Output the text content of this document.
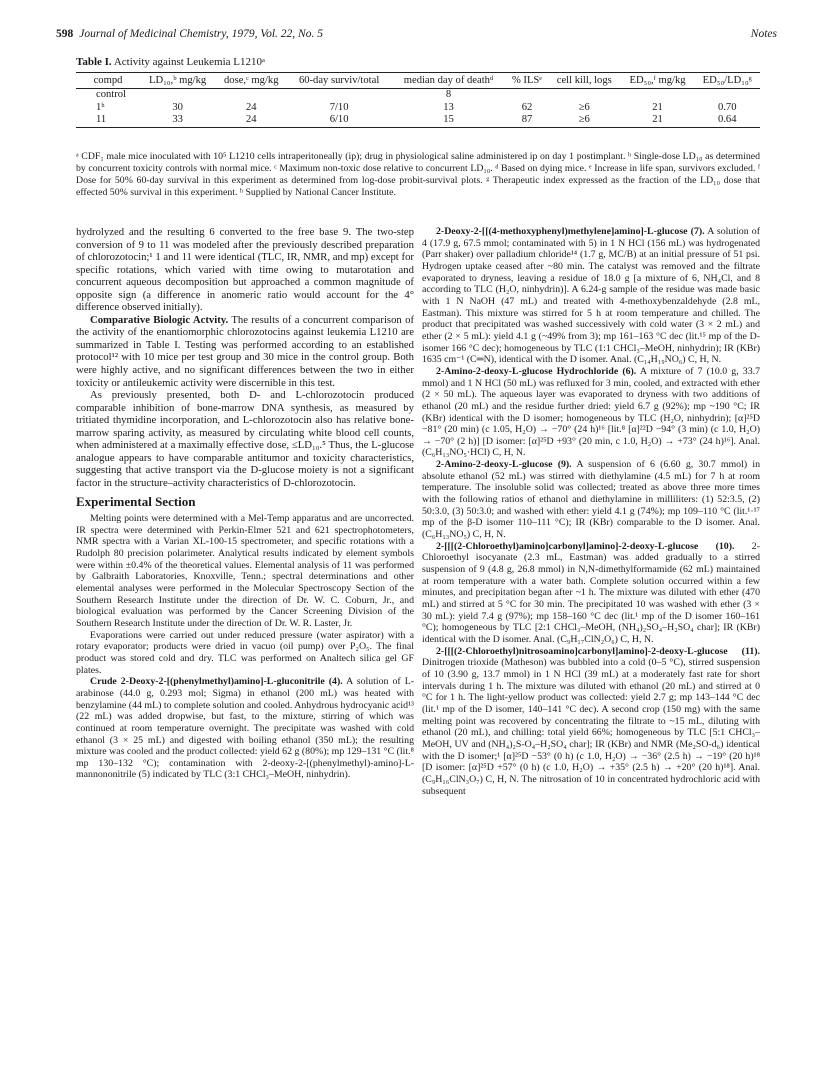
598 Journal of Medicinal Chemistry, 1979, Vol. 22, No. 5	Notes
Table I. Activity against Leukemia L1210ᵃ
compd	LD₁₀,ᵇ mg/kg	dose,ᶜ mg/kg	60-day surviv/total	median day of deathᵈ	% ILSᵉ	cell kill, logs	ED₅₀,ᶠ mg/kg	ED₅₀/LD₁₀ᵍ
control				8				
1ʰ	30	24	7/10	13	62	≥6	21	0.70
11	33	24	6/10	15	87	≥6	21	0.64
ᵃ CDF₁ male mice inoculated with 10⁵ L1210 cells intraperitoneally (ip); drug in physiological saline administered ip on day 1 postimplant. ᵇ Single-dose LD₁₀ as determined by concurrent toxicity controls with normal mice. ᶜ Maximum non-toxic dose relative to concurrent LD₁₀. ᵈ Based on dying mice. ᵉ Increase in life span, survivors excluded. ᶠ Dose for 50% 60-day survival in this experiment as determined from log-dose probit-survival plots. ᵍ Therapeutic index expressed as the fraction of the LD₁₀ dose that effected 50% survival in this experiment. ʰ Supplied by National Cancer Institute.

hydrolyzed and the resulting 6 converted to the free base 9. The two-step conversion of 9 to 11 was modeled after the previously described preparation of chlorozotocin;¹ 1 and 11 were identical (TLC, IR, NMR, and mp) except for specific rotations, which varied with time owing to mutarotation and concurrent aqueous decomposition but approached a common magnitude of opposite sign (a difference in anomeric ratio would account for the 4° difference observed initially).

Comparative Biologic Actvity. The results of a concurrent comparison of the activity of the enantiomorphic chlorozotocins against leukemia L1210 are summarized in Table I. Testing was performed according to an established protocol¹² with 10 mice per test group and 30 mice in the control group. Both were highly active, and no significant differences between the two in either toxicity or antileukemic activity were discernible in this test.

As previously presented, both D- and L-chlorozotocin produced comparable inhibition of bone-marrow DNA synthesis, as measured by tritiated thymidine incorporation, and L-chlorozotocin also has relative bone-marrow sparing activity, as measured by circulating white blood cell counts, when administered at a maximally effective dose, ≤LD₁₀.⁵ Thus, the L-glucose analogue appears to have comparable antitumor and toxicity characteristics, suggesting that active transport via the D-glucose moiety is not a significant factor in the structure–activity characteristics of D-chlorozotocin.

Experimental Section

Melting points were determined with a Mel-Temp apparatus and are uncorrected. IR spectra were determined with Perkin-Elmer 521 and 621 spectrophotometers, NMR spectra with a Varian XL-100-15 spectrometer, and specific rotations with a Rudolph 80 precision polarimeter. Analytical results indicated by element symbols were within ±0.4% of the theoretical values. Elemental analysis of 11 was performed by Galbraith Laboratories, Knoxville, Tenn.; spectral determinations and other elemental analyses were performed in the Molecular Spectroscopy Section of the Southern Research Institute under the direction of Dr. W. C. Coburn, Jr., and biological evaluation was performed by the Cancer Screening Division of the Southern Research Institute under the direction of Dr. W. R. Laster, Jr.

Evaporations were carried out under reduced pressure (water aspirator) with a rotary evaporator; products were dried in vacuo (oil pump) over P₂O₅. The final product was stored cold and dry. TLC was performed on Analtech silica gel GF plates.

Crude 2-Deoxy-2-[(phenylmethyl)amino]-L-gluconitrile (4). A solution of L-arabinose (44.0 g, 0.293 mol; Sigma) in ethanol (200 mL) was heated with benzylamine (44 mL) to complete solution and cooled. Anhydrous hydrocyanic acid¹³ (22 mL) was added dropwise, but fast, to the mixture, stirring of which was continued at room temperature overnight. The precipitate was washed with cold ethanol (3 × 25 mL) and digested with boiling ethanol (350 mL); the resulting mixture was cooled and the product collected: yield 62 g (80%); mp 129–131 °C (lit.⁸ mp 130–132 °C); contamination with 2-deoxy-2-[(phenylmethyl)-amino]-L-mannononitrile (5) indicated by TLC (3:1 CHCl₃–MeOH, ninhydrin).

2-Deoxy-2-[[(4-methoxyphenyl)methylene]amino]-L-glucose (7). A solution of 4 (17.9 g, 67.5 mmol; contaminated with 5) in 1 N HCl (156 mL) was hydrogenated (Parr shaker) over palladium chloride¹⁴ (1.7 g, MC/B) at an initial pressure of 51 psi. Hydrogen uptake ceased after ~80 min. The catalyst was removed and the filtrate evaporated to dryness, leaving a residue of 18.0 g [a mixture of 6, NH₄Cl, and 8 according to TLC (H₂O, ninhydrin)]. A 6.24-g sample of the residue was made basic with 1 N NaOH (47 mL) and treated with 4-methoxybenzaldehyde (2.8 mL, Eastman). This mixture was stirred for 5 h at room temperature and chilled. The product that precipitated was washed successively with cold water (3 × 2 mL) and ether (2 × 5 mL): yield 4.1 g (~49% from 3); mp 161–163 °C dec (lit.¹⁵ mp of the D-isomer 166 °C dec); homogeneous by TLC (1:1 CHCl₃–MeOH, ninhydrin); IR (KBr) 1635 cm⁻¹ (C═N), identical with the D isomer. Anal. (C₁₄H₁₉NO₆) C, H, N.

2-Amino-2-deoxy-L-glucose Hydrochloride (6). A mixture of 7 (10.0 g, 33.7 mmol) and 1 N HCl (50 mL) was refluxed for 3 min, cooled, and extracted with ether (2 × 50 mL). The aqueous layer was evaporated to dryness with two additions of ethanol (20 mL) and the residue further dried: yield 6.7 g (92%); mp ~190 °C; IR (KBr) identical with the D isomer; homogeneous by TLC (H₂O, ninhydrin); [α]²⁵D −81° (20 min) (c 1.05, H₂O) → −70° (24 h)¹⁶ [lit.⁸ [α]²²D −94° (3 min) (c 1.0, H₂O) → −70° (2 h)] [D isomer: [α]²⁵D +93° (20 min, c 1.0, H₂O) → +73° (24 h)¹⁶]. Anal. (C₆H₁₃NO₅·HCl) C, H, N.

2-Amino-2-deoxy-L-glucose (9). A suspension of 6 (6.60 g, 30.7 mmol) in absolute ethanol (52 mL) was stirred with diethylamine (4.5 mL) for 7 h at room temperature. The insoluble solid was collected; treated as above three more times with the following ratios of ethanol and diethylamine in milliliters: (1) 52:3.5, (2) 50:3.0, (3) 50:3.0; and washed with ether: yield 4.1 g (74%); mp 109–110 °C (lit.¹·¹⁷ mp of the β-D isomer 110–111 °C); IR (KBr) comparable to the D isomer. Anal. (C₆H₁₃NO₅) C, H, N.

2-[[[(2-Chloroethyl)amino]carbonyl]amino]-2-deoxy-L-glucose (10). 2-Chloroethyl isocyanate (2.3 mL, Eastman) was added gradually to a stirred suspension of 9 (4.8 g, 26.8 mmol) in N,N-dimethylformamide (62 mL) maintained at room temperature with a water bath. Complete solution occurred within a few minutes, and precipitation began after ~1 h. The mixture was diluted with ether (470 mL) and stirred at 5 °C for 30 min. The precipitated 10 was washed with ether (3 × 30 mL): yield 7.4 g (97%); mp 158–160 °C dec (lit.¹ mp of the D isomer 160–161 °C); homogeneous by TLC [2:1 CHCl₃–MeOH, (NH₄)₂SO₄–H₂SO₄ char]; IR (KBr) identical with the D isomer. Anal. (C₉H₁₇ClN₂O₆) C, H, N.

2-[[[(2-Chloroethyl)nitrosoamino]carbonyl]amino]-2-deoxy-L-glucose (11). Dinitrogen trioxide (Matheson) was bubbled into a cold (0–5 °C), stirred suspension of 10 (3.90 g, 13.7 mmol) in 1 N HCl (39 mL) at a moderately fast rate for short intervals during 1 h. The mixture was diluted with ethanol (20 mL) and stirred at 0 °C for 1 h. The light-yellow product was collected: yield 2.7 g; mp 143–144 °C dec (lit.¹ mp of the D isomer, 140–141 °C dec). A second crop (150 mg) with the same melting point was recovered by concentrating the filtrate to ~15 mL, diluting with ethanol (20 mL), and chilling: total yield 66%; homogeneous by TLC [5:1 CHCl₃–MeOH, UV and (NH₄)₂S-O₄–H₂SO₄ char]; IR (KBr) and NMR (Me₂SO-d₆) identical with the D isomer;¹ [α]²⁵D −53° (0 h) (c 1.0, H₂O) → −36° (2.5 h) → −19° (20 h)¹⁸ [D isomer: [α]²⁵D +57° (0 h) (c 1.0, H₂O) → +35° (2.5 h) → +20° (20 h)¹⁸]. Anal. (C₉H₁₆ClN₃O₇) C, H, N. The nitrosation of 10 in concentrated hydrochloric acid with subsequent
